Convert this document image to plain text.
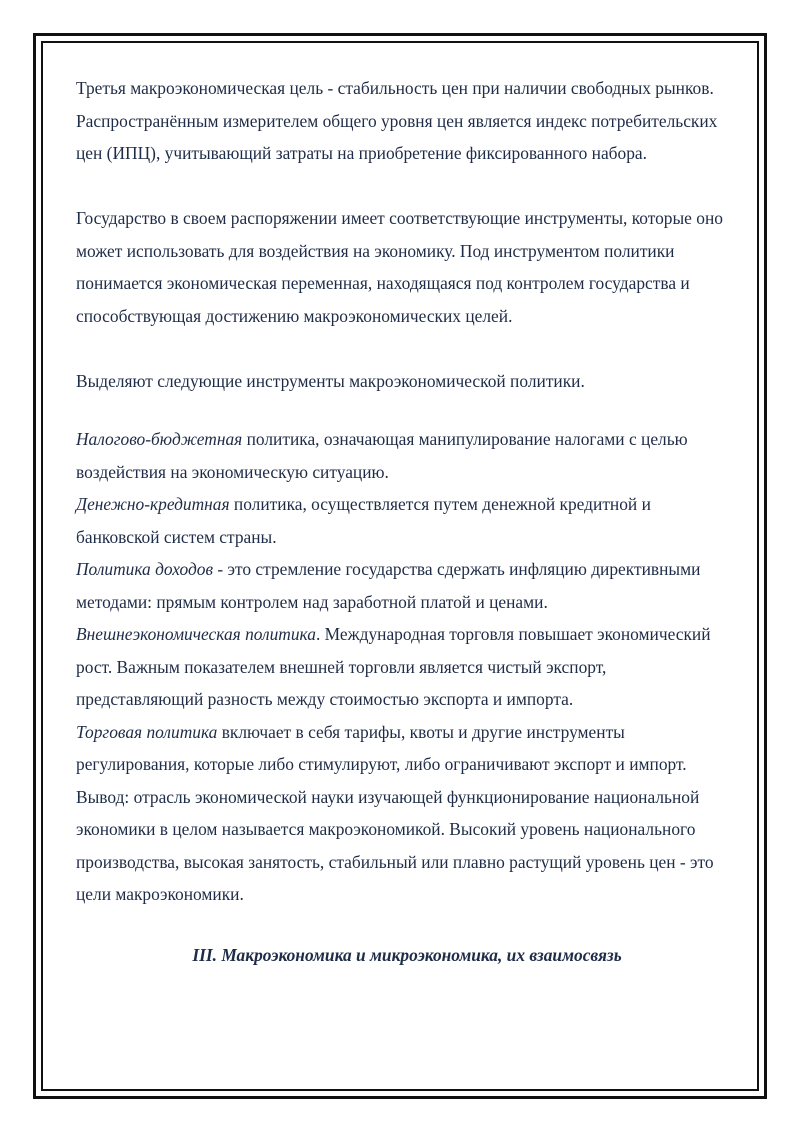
Третья макроэкономическая цель - стабильность цен при наличии свободных рынков. Распространённым измерителем общего уровня цен является индекс потребительских цен (ИПЦ), учитывающий затраты на приобретение фиксированного набора.

Государство в своем распоряжении имеет соответствующие инструменты, которые оно может использовать для воздействия на экономику. Под инструментом политики понимается экономическая переменная, находящаяся под контролем государства и способствующая достижению макроэкономических целей.

Выделяют следующие инструменты макроэкономической политики.

Налогово-бюджетная политика, означающая манипулирование налогами с целью воздействия на экономическую ситуацию.

Денежно-кредитная политика, осуществляется путем денежной кредитной и банковской систем страны.

Политика доходов - это стремление государства сдержать инфляцию директивными методами: прямым контролем над заработной платой и ценами.

Внешнеэкономическая политика. Международная торговля повышает экономический рост. Важным показателем внешней торговли является чистый экспорт, представляющий разность между стоимостью экспорта и импорта.

Торговая политика включает в себя тарифы, квоты и другие инструменты регулирования, которые либо стимулируют, либо ограничивают экспорт и импорт.

Вывод: отрасль экономической науки изучающей функционирование национальной экономики в целом называется макроэкономикой. Высокий уровень национального производства, высокая занятость, стабильный или плавно растущий уровень цен - это цели макроэкономики.

III. Макроэкономика и микроэкономика, их взаимосвязь
